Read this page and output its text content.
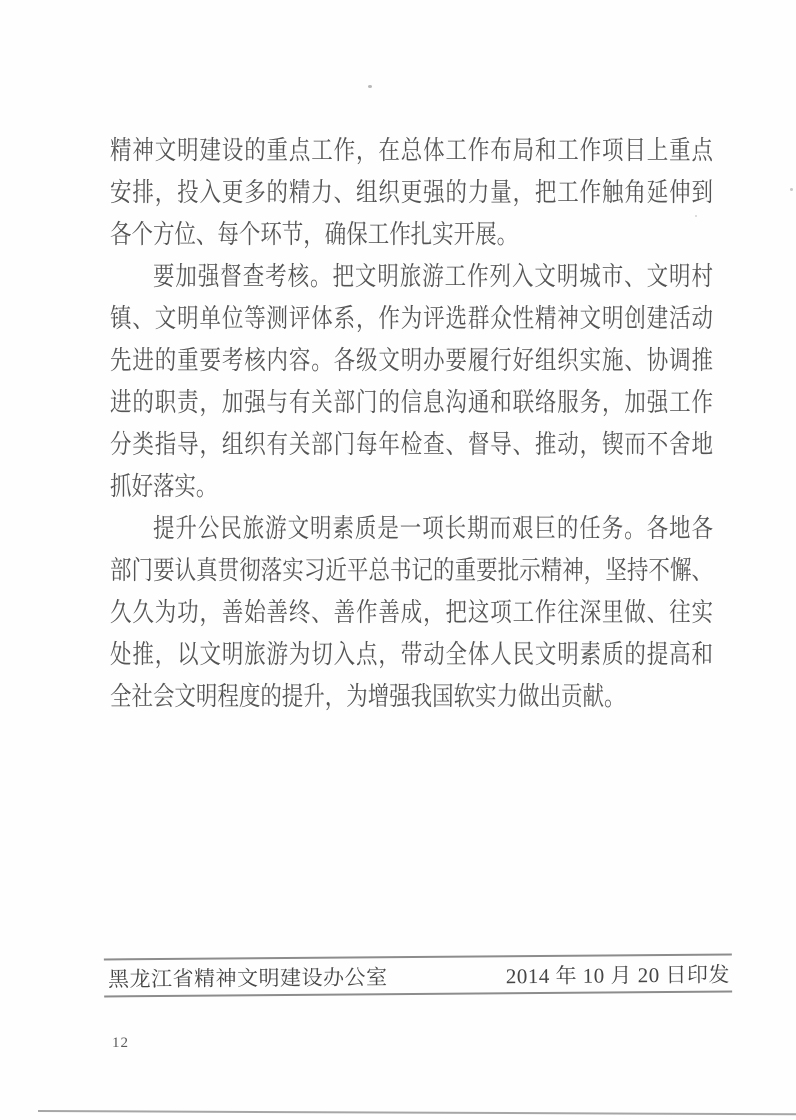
精神文明建设的重点工作，在总体工作布局和工作项目上重点
安排，投入更多的精力、组织更强的力量，把工作触角延伸到
各个方位、每个环节，确保工作扎实开展。
要加强督查考核。把文明旅游工作列入文明城市、文明村
镇、文明单位等测评体系，作为评选群众性精神文明创建活动
先进的重要考核内容。各级文明办要履行好组织实施、协调推
进的职责，加强与有关部门的信息沟通和联络服务，加强工作
分类指导，组织有关部门每年检查、督导、推动，锲而不舍地
抓好落实。
提升公民旅游文明素质是一项长期而艰巨的任务。各地各
部门要认真贯彻落实习近平总书记的重要批示精神，坚持不懈、
久久为功，善始善终、善作善成，把这项工作往深里做、往实
处推，以文明旅游为切入点，带动全体人民文明素质的提高和
全社会文明程度的提升，为增强我国软实力做出贡献。
黑龙江省精神文明建设办公室	2014 年 10 月 20 日印发
12
